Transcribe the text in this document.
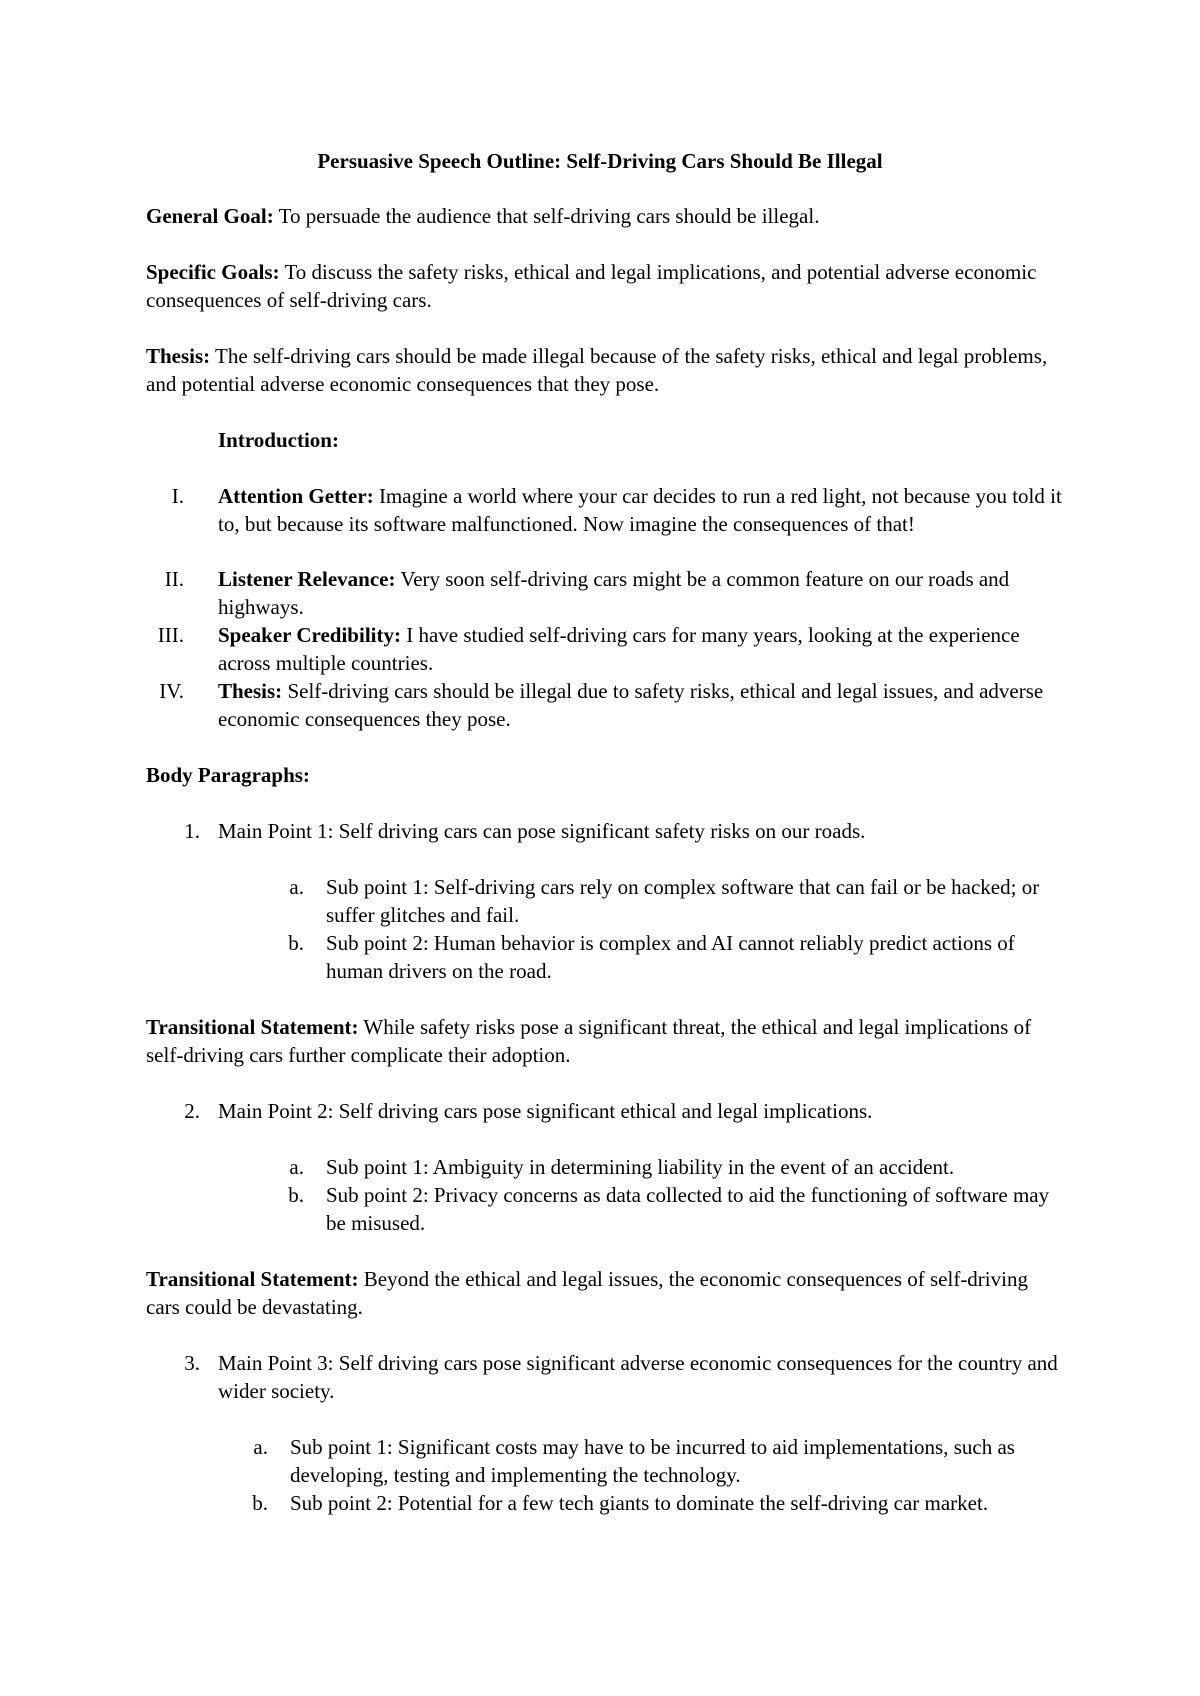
Persuasive Speech Outline: Self-Driving Cars Should Be Illegal

General Goal: To persuade the audience that self-driving cars should be illegal.

Specific Goals: To discuss the safety risks, ethical and legal implications, and potential adverse economic consequences of self-driving cars.

Thesis: The self-driving cars should be made illegal because of the safety risks, ethical and legal problems, and potential adverse economic consequences that they pose.

Introduction:
I. Attention Getter: Imagine a world where your car decides to run a red light, not because you told it to, but because its software malfunctioned. Now imagine the consequences of that!
II. Listener Relevance: Very soon self-driving cars might be a common feature on our roads and highways.
III. Speaker Credibility: I have studied self-driving cars for many years, looking at the experience across multiple countries.
IV. Thesis: Self-driving cars should be illegal due to safety risks, ethical and legal issues, and adverse economic consequences they pose.
Body Paragraphs:
1. Main Point 1: Self driving cars can pose significant safety risks on our roads.
a. Sub point 1: Self-driving cars rely on complex software that can fail or be hacked; or suffer glitches and fail.
b. Sub point 2: Human behavior is complex and AI cannot reliably predict actions of human drivers on the road.

Transitional Statement: While safety risks pose a significant threat, the ethical and legal implications of self-driving cars further complicate their adoption.

2. Main Point 2: Self driving cars pose significant ethical and legal implications.
a. Sub point 1: Ambiguity in determining liability in the event of an accident.
b. Sub point 2: Privacy concerns as data collected to aid the functioning of software may be misused.

Transitional Statement: Beyond the ethical and legal issues, the economic consequences of self-driving cars could be devastating.

3. Main Point 3: Self driving cars pose significant adverse economic consequences for the country and wider society.
a. Sub point 1: Significant costs may have to be incurred to aid implementations, such as developing, testing and implementing the technology.
b. Sub point 2: Potential for a few tech giants to dominate the self-driving car market.
